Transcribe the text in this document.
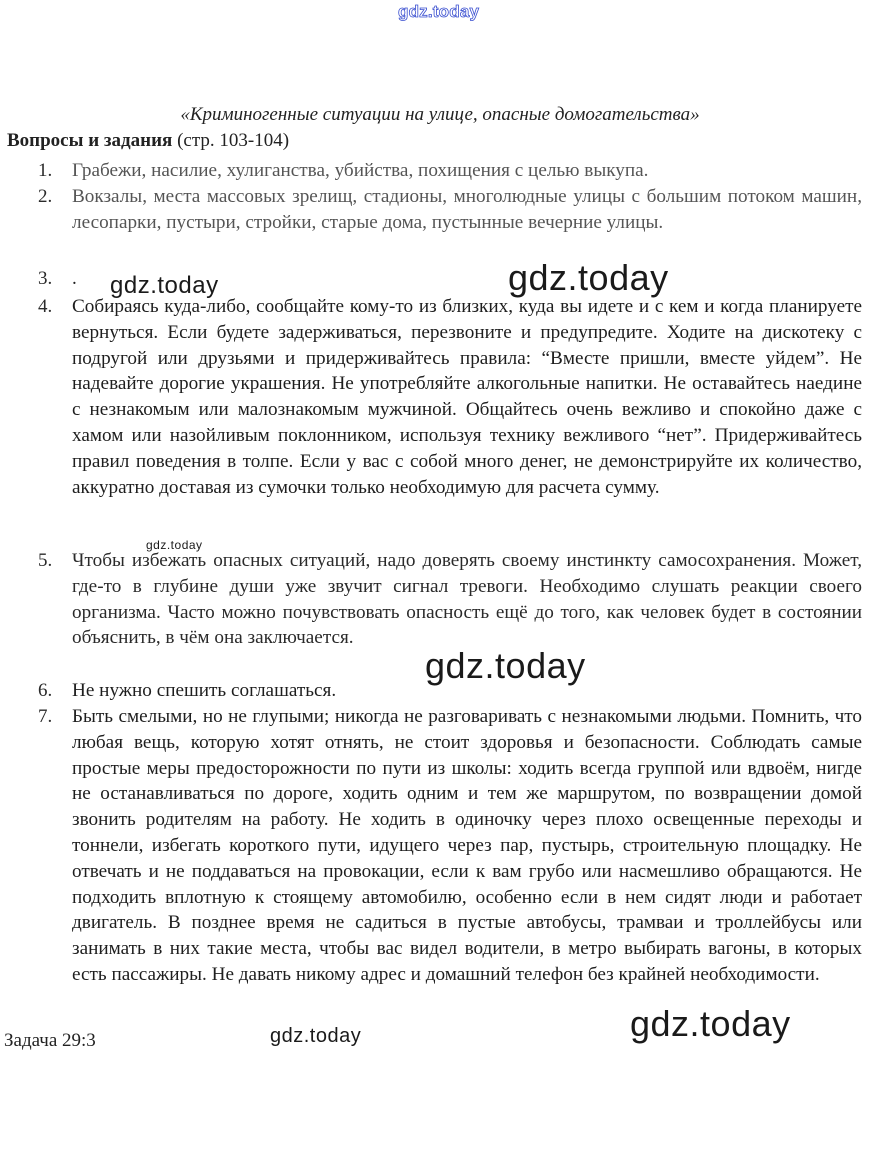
gdz.today
«Криминогенные ситуации на улице, опасные домогательства»
Вопросы и задания (стр. 103-104)
1.	Грабежи, насилие, хулиганства, убийства, похищения с целью выкупа.
2.	Вокзалы, места массовых зрелищ, стадионы, многолюдные улицы с большим потоком машин, лесопарки, пустыри, стройки, старые дома, пустынные вечерние улицы.
3.	.
4.	Собираясь куда-либо, сообщайте кому-то из близких, куда вы идете и с кем и когда планируете вернуться. Если будете задерживаться, перезвоните и предупредите. Ходите на дискотеку с подругой или друзьями и придерживайтесь правила: “Вместе пришли, вместе уйдем”. Не надевайте дорогие украшения. Не употребляйте алкогольные напитки. Не оставайтесь наедине с незнакомым или малознакомым мужчиной. Общайтесь очень вежливо и спокойно даже с хамом или назойливым поклонником, используя технику вежливого “нет”. Придерживайтесь правил поведения в толпе. Если у вас с собой много денег, не демонстрируйте их количество, аккуратно доставая из сумочки только необходимую для расчета сумму.
5.	Чтобы избежать опасных ситуаций, надо доверять своему инстинкту самосохранения. Может, где-то в глубине души уже звучит сигнал тревоги. Необходимо слушать реакции своего организма. Часто можно почувствовать опасность ещё до того, как человек будет в состоянии объяснить, в чём она заключается.
6.	Не нужно спешить соглашаться.
7.	Быть смелыми, но не глупыми; никогда не разговаривать с незнакомыми людьми. Помнить, что любая вещь, которую хотят отнять, не стоит здоровья и безопасности. Соблюдать самые простые меры предосторожности по пути из школы: ходить всегда группой или вдвоём, нигде не останавливаться по дороге, ходить одним и тем же маршрутом, по возвращении домой звонить родителям на работу. Не ходить в одиночку через плохо освещенные переходы и тоннели, избегать короткого пути, идущего через пар, пустырь, строительную площадку. Не отвечать и не поддаваться на провокации, если к вам грубо или насмешливо обращаются. Не подходить вплотную к стоящему автомобилю, особенно если в нем сидят люди и работает двигатель. В позднее время не садиться в пустые автобусы, трамваи и троллейбусы или занимать в них такие места, чтобы вас видел водители, в метро выбирать вагоны, в которых есть пассажиры. Не давать никому адрес и домашний телефон без крайней необходимости.
Задача 29:3
gdz.today	gdz.today
gdz.today
gdz.today
gdz.today
gdz.today
